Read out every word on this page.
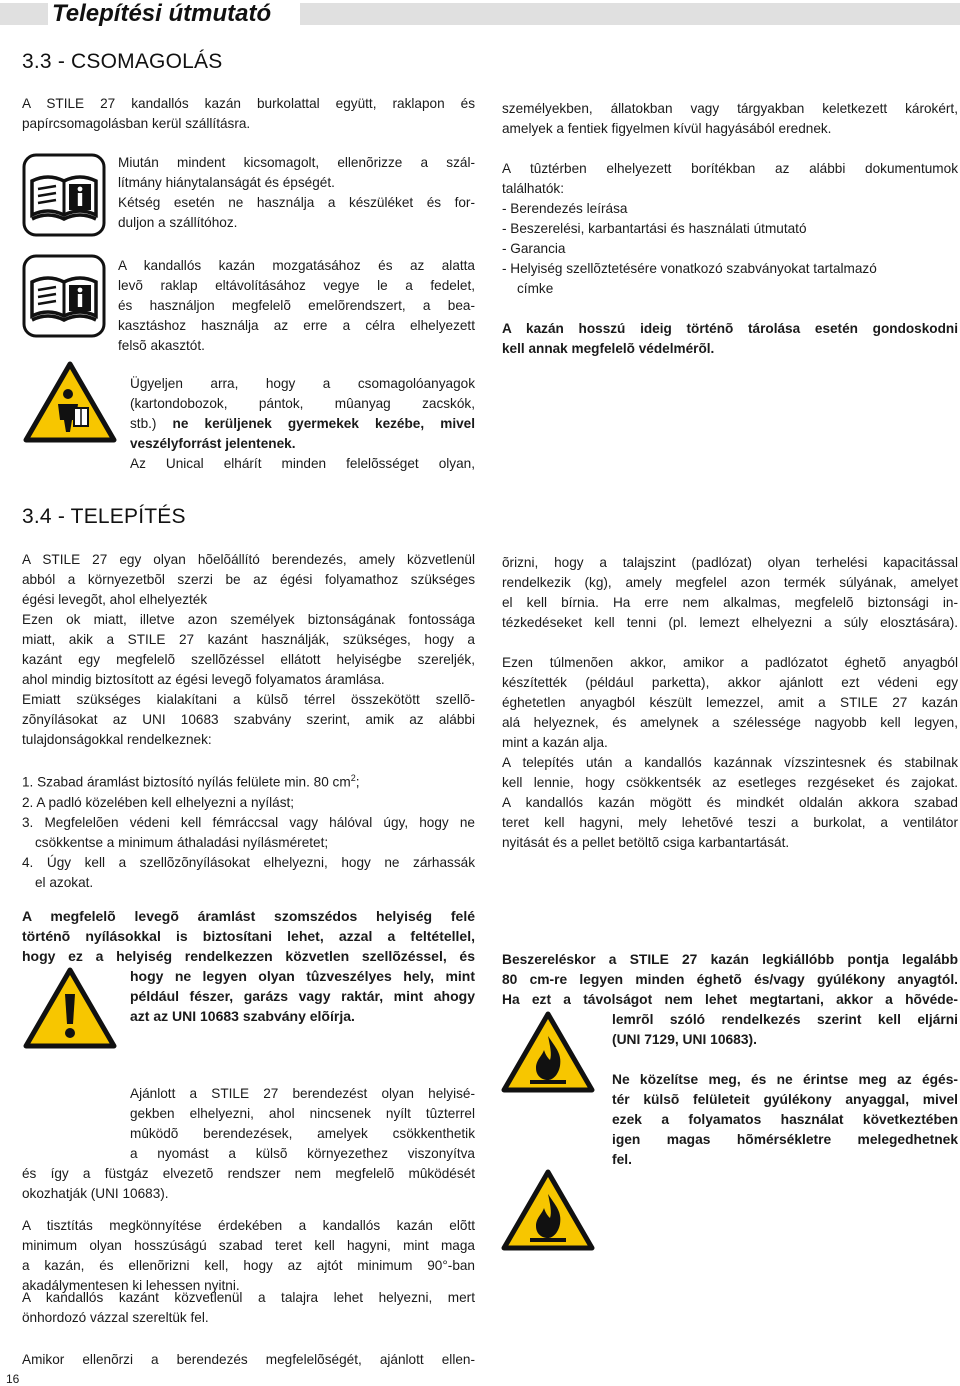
Telepítési útmutató
3.3 - CSOMAGOLÁS
A STILE 27 kandallós kazán burkolattal együtt, raklapon és
papírcsomagolásban kerül szállításra.
Miután mindent kicsomagolt, ellenõrizze a szál-
lítmány hiánytalanságát és épségét.
Kétség esetén ne használja a készüléket és for-
duljon a szállítóhoz.
A kandallós kazán mozgatásához és az alatta
levõ raklap eltávolításához vegye le a fedelet,
és használjon megfelelõ emelõrendszert, a bea-
kasztáshoz használja az erre a célra elhelyezett
felsõ akasztót.
Ügyeljen arra, hogy a csomagolóanyagok
(kartondobozok, pántok, mûanyag zacskók,
stb.) ne kerüljenek gyermekek kezébe, mivel
veszélyforrást jelentenek.
Az Unical elhárít minden felelõsséget olyan,
személyekben, állatokban vagy tárgyakban keletkezett károkért,
amelyek a fentiek figyelmen kívül hagyásából erednek.
A tûztérben elhelyezett borítékban az alábbi dokumentumok
találhatók:
- Berendezés leírása
- Beszerelési, karbantartási és használati útmutató
- Garancia
- Helyiség szellõztetésére vonatkozó szabványokat tartalmazó
címke
A kazán hosszú ideig történõ tárolása esetén gondoskodni
kell annak megfelelõ védelmérõl.
3.4 - TELEPÍTÉS
A STILE 27 egy olyan hõelõállító berendezés, amely közvetlenül
abból a környezetbõl szerzi be az égési folyamathoz szükséges
égési levegõt, ahol elhelyezték
Ezen ok miatt, illetve azon személyek biztonságának fontossága
miatt, akik a STILE 27 kazánt használják, szükséges, hogy a
kazánt egy megfelelõ szellõzéssel ellátott helyiségbe szereljék,
ahol mindig biztosított az égési levegõ folyamatos áramlása.
Emiatt szükséges kialakítani a külsõ térrel összekötött szellõ-
zõnyílásokat az UNI 10683 szabvány szerint, amik az alábbi
tulajdonságokkal rendelkeznek:
1. Szabad áramlást biztosító nyílás felülete min. 80 $cm^2$;
2. A padló közelében kell elhelyezni a nyílást;
3. Megfelelõen védeni kell fémráccsal vagy hálóval úgy, hogy ne
csökkentse a minimum áthaladási nyílásméretet;
4. Úgy kell a szellõzõnyílásokat elhelyezni, hogy ne zárhassák
el azokat.
A megfelelõ levegõ áramlást szomszédos helyiség felé
történõ nyílásokkal is biztosítani lehet, azzal a feltétellel,
hogy ez a helyiség rendelkezzen közvetlen szellõzéssel, és
hogy ne legyen olyan tûzveszélyes hely, mint
például fészer, garázs vagy raktár, mint ahogy
azt az UNI 10683 szabvány elõírja.
Ajánlott a STILE 27 berendezést olyan helyisé-
gekben elhelyezni, ahol nincsenek nyílt tûzterrel
mûködõ berendezések, amelyek csökkenthetik
a nyomást a külsõ környezethez viszonyítva
és így a füstgáz elvezetõ rendszer nem megfelelõ mûködését
okozhatják (UNI 10683).
A tisztítás megkönnyítése érdekében a kandallós kazán elõtt
minimum olyan hosszúságú szabad teret kell hagyni, mint maga
a kazán, és ellenõrizni kell, hogy az ajtót minimum 90°-ban
akadálymentesen ki lehessen nyitni.
A kandallós kazánt közvetlenül a talajra lehet helyezni, mert
önhordozó vázzal szereltük fel.
Amikor ellenõrzi a berendezés megfelelõségét, ajánlott ellen-
õrizni, hogy a talajszint (padlózat) olyan terhelési kapacitással
rendelkezik (kg), amely megfelel azon termék súlyának, amelyet
el kell bírnia. Ha erre nem alkalmas, megfelelõ biztonsági in-
tézkedéseket kell tenni (pl. lemezt elhelyezni a súly elosztására).
Ezen túlmenõen akkor, amikor a padlózatot éghetõ anyagból
készítették (például parketta), akkor ajánlott ezt védeni egy
éghetetlen anyagból készült lemezzel, amit a STILE 27 kazán
alá helyeznek, és amelynek a szélessége nagyobb kell legyen,
mint a kazán alja.
A telepítés után a kandallós kazánnak vízszintesnek és stabilnak
kell lennie, hogy csökkentsék az esetleges rezgéseket és zajokat.
A kandallós kazán mögött és mindkét oldalán akkora szabad
teret kell hagyni, mely lehetõvé teszi a burkolat, a ventilátor
nyitását és a pellet betöltõ csiga karbantartását.
Beszereléskor a STILE 27 kazán legkiállóbb pontja legalább
80 cm-re legyen minden éghetõ és/vagy gyúlékony anyagtól.
Ha ezt a távolságot nem lehet megtartani, akkor a hõvéde-
lemrõl szóló rendelkezés szerint kell eljárni
(UNI 7129, UNI 10683).
Ne közelítse meg, és ne érintse meg az égés-
tér külsõ felületeit gyúlékony anyaggal, mivel
ezek a folyamatos használat következtében
igen magas hõmérsékletre melegedhetnek
fel.
16
